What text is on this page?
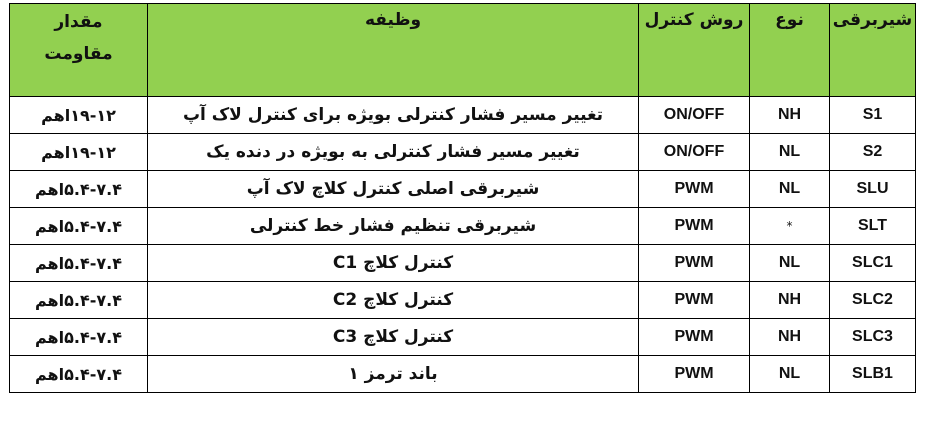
شیربرقی	نوع	روش کنترل	وظیفه	مقدار
مقاومت

S1	NH	ON/OFF	تغییر مسیر فشار کنترلی بویژه برای کنترل لاک آپ	۱۹-۱۲اهم
S2	NL	ON/OFF	تغییر مسیر فشار کنترلی به بویژه در دنده یک	۱۹-۱۲اهم
SLU	NL	PWM	شیربرقی اصلی کنترل کلاچ لاک آپ	۵.۴-۷.۴اهم
SLT	*	PWM	شیربرقی تنظیم فشار خط کنترلی	۵.۴-۷.۴اهم
SLC1	NL	PWM	کنترل کلاچ C1	۵.۴-۷.۴اهم
SLC2	NH	PWM	کنترل کلاچ C2	۵.۴-۷.۴اهم
SLC3	NH	PWM	کنترل کلاچ C3	۵.۴-۷.۴اهم
SLB1	NL	PWM	باند ترمز ۱	۵.۴-۷.۴اهم
